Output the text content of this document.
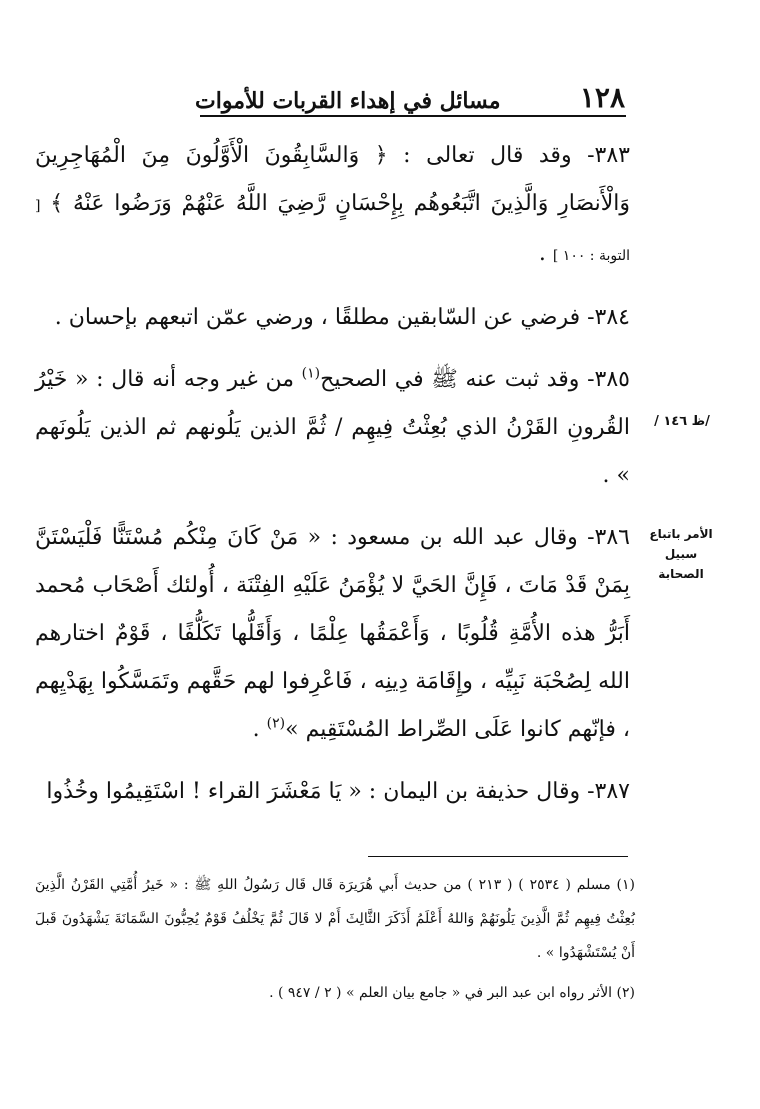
١٢٨
مسائل في إهداء القربات للأموات
/ظ ١٤٦ /
الأمر باتباع سبيل الصحابة

٣٨٣- وقد قال تعالى : ﴿ وَالسَّابِقُونَ الْأَوَّلُونَ مِنَ الْمُهَاجِرِينَ وَالْأَنصَارِ وَالَّذِينَ اتَّبَعُوهُم بِإِحْسَانٍ رَّضِيَ اللَّهُ عَنْهُمْ وَرَضُوا عَنْهُ ﴾ [ التوبة : ١٠٠ ] .

٣٨٤- فرضي عن السّابقين مطلقًا ، ورضي عمّن اتبعهم بإحسان .

٣٨٥- وقد ثبت عنه ﷺ في الصحيح$^{(١)}$ من غير وجه أنه قال : « خَيْرُ القُرونِ القَرْنُ الذي بُعِثْتُ فِيهِم / ثُمَّ الذين يَلُونهم ثم الذين يَلُونَهم » .

٣٨٦- وقال عبد الله بن مسعود : « مَنْ كَانَ مِنْكُم مُسْتَنًّا فَلْيَسْتَنَّ بِمَنْ قَدْ مَاتَ ، فَإِنَّ الحَيَّ لا يُؤْمَنُ عَلَيْهِ الفِتْنَة ، أُولئك أَصْحَاب مُحمد أَبَرُّ هذه الأُمَّةِ قُلُوبًا ، وَأَعْمَقُها عِلْمًا ، وَأَقَلُّها تَكَلُّفًا ، قَوْمٌ اختارهم الله لِصُحْبَة نَبِيِّه ، وإِقَامَة دِينِه ، فَاعْرِفوا لهم حَقَّهم وتَمَسَّكُوا بِهَدْيِهم ، فإنّهم كانوا عَلَى الصِّراط المُسْتَقِيم »$^{(٢)}$ .

٣٨٧- وقال حذيفة بن اليمان : « يَا مَعْشَرَ القراء ! اسْتَقِيمُوا وخُذُوا

(١) مسلم ( ٢٥٣٤ ) ( ٢١٣ ) من حديث أَبي هُرَيرَة قَال قَال رَسُولُ اللهِ ﷺ : « خَيرُ أُمَّتِي القَرْنُ الَّذِينَ بُعِثْتُ فِيهِم ثُمَّ الَّذِينَ يَلُونَهُمْ وَاللهُ أَعْلَمُ أَذَكَرَ الثَّالِثَ أَمْ لا قَالَ ثُمَّ يَخْلُفُ قَوْمٌ يُحِبُّونَ السَّمَانَةَ يَشْهَدُونَ قَبلَ أَنْ يُسْتَشْهَدُوا » .

(٢) الأثر رواه ابن عبد البر في « جامع بيان العلم » ( ٢ / ٩٤٧ ) .
